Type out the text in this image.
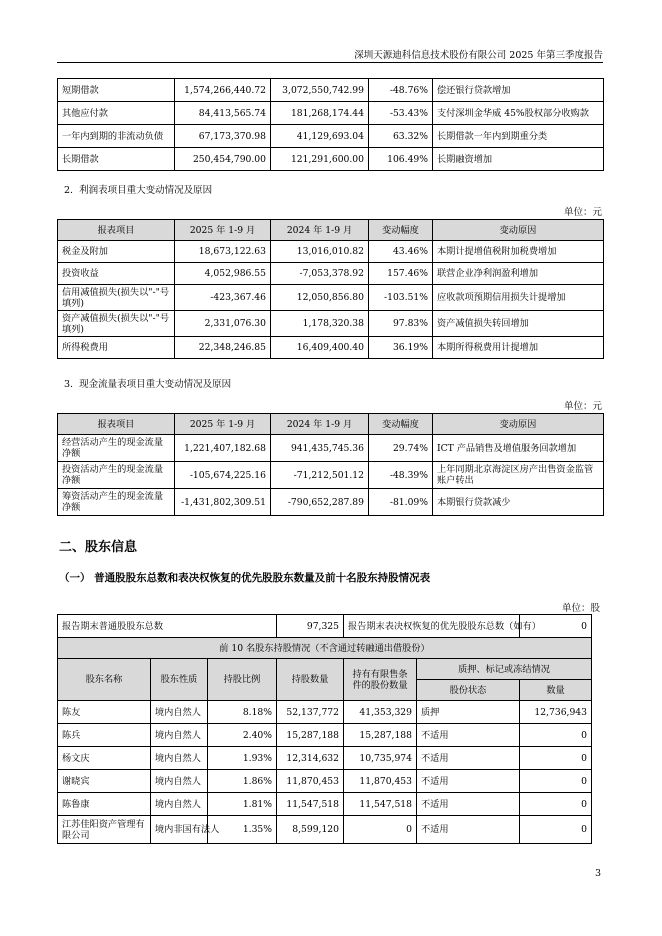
深圳天源迪科信息技术股份有限公司 2025 年第三季度报告
短期借款	1,574,266,440.72	3,072,550,742.99	-48.76%	偿还银行贷款增加
其他应付款	84,413,565.74	181,268,174.44	-53.43%	支付深圳金华威 45%股权部分收购款
一年内到期的非流动负债	67,173,370.98	41,129,693.04	63.32%	长期借款一年内到期重分类
长期借款	250,454,790.00	121,291,600.00	106.49%	长期融资增加
2.  利润表项目重大变动情况及原因
单位：元
报表项目	2025 年 1-9 月	2024 年 1-9 月	变动幅度	变动原因
税金及附加	18,673,122.63	13,016,010.82	43.46%	本期计提增值税附加税费增加
投资收益	4,052,986.55	-7,053,378.92	157.46%	联营企业净利润盈利增加
信用减值损失(损失以"-"号填列)	-423,367.46	12,050,856.80	-103.51%	应收款项预期信用损失计提增加
资产减值损失(损失以"-"号填列)	2,331,076.30	1,178,320.38	97.83%	资产减值损失转回增加
所得税费用	22,348,246.85	16,409,400.40	36.19%	本期所得税费用计提增加
3.  现金流量表项目重大变动情况及原因
单位：元
报表项目	2025 年 1-9 月	2024 年 1-9 月	变动幅度	变动原因
经营活动产生的现金流量净额	1,221,407,182.68	941,435,745.36	29.74%	ICT 产品销售及增值服务回款增加
投资活动产生的现金流量净额	-105,674,225.16	-71,212,501.12	-48.39%	上年同期北京海淀区房产出售资金监管账户转出
筹资活动产生的现金流量净额	-1,431,802,309.51	-790,652,287.89	-81.09%	本期银行贷款减少
二、股东信息
（一） 普通股股东总数和表决权恢复的优先股股东数量及前十名股东持股情况表
单位：股
报告期末普通股股东总数			97,325	报告期末表决权恢复的优先股股东总数（如有）		0
前 10 名股东持股情况（不含通过转融通出借股份）						
股东名称	股东性质	持股比例	持股数量	持有有限售条件的股份数量	质押、标记或冻结情况	
					股份状态	数量
陈友	境内自然人	8.18%	52,137,772	41,353,329	质押	12,736,943
陈兵	境内自然人	2.40%	15,287,188	15,287,188	不适用	0
杨文庆	境内自然人	1.93%	12,314,632	10,735,974	不适用	0
谢晓宾	境内自然人	1.86%	11,870,453	11,870,453	不适用	0
陈鲁康	境内自然人	1.81%	11,547,518	11,547,518	不适用	0
江苏佳阳资产管理有限公司	境内非国有法人	1.35%	8,599,120	0	不适用	0
3
